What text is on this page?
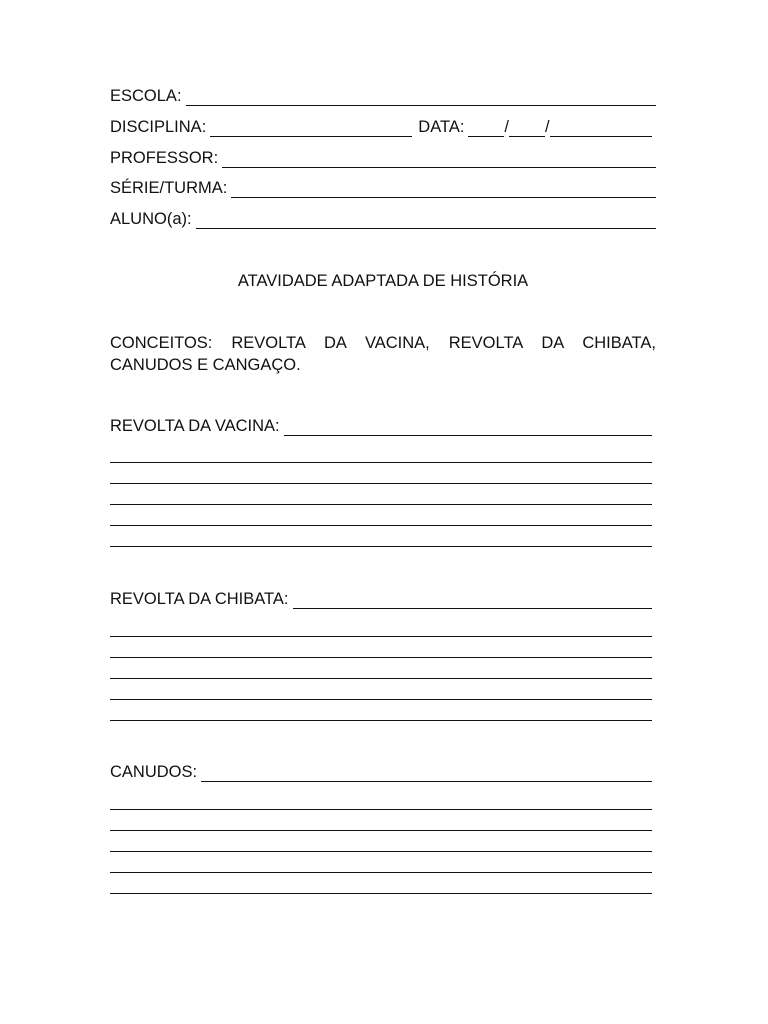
ESCOLA:
DISCIPLINA:	DATA: / /
PROFESSOR:
SÉRIE/TURMA:
ALUNO(a):
ATAVIDADE ADAPTADA DE HISTÓRIA
CONCEITOS: REVOLTA DA VACINA, REVOLTA DA CHIBATA,
CANUDOS E CANGAÇO.
REVOLTA DA VACINA:
REVOLTA DA CHIBATA:
CANUDOS:
